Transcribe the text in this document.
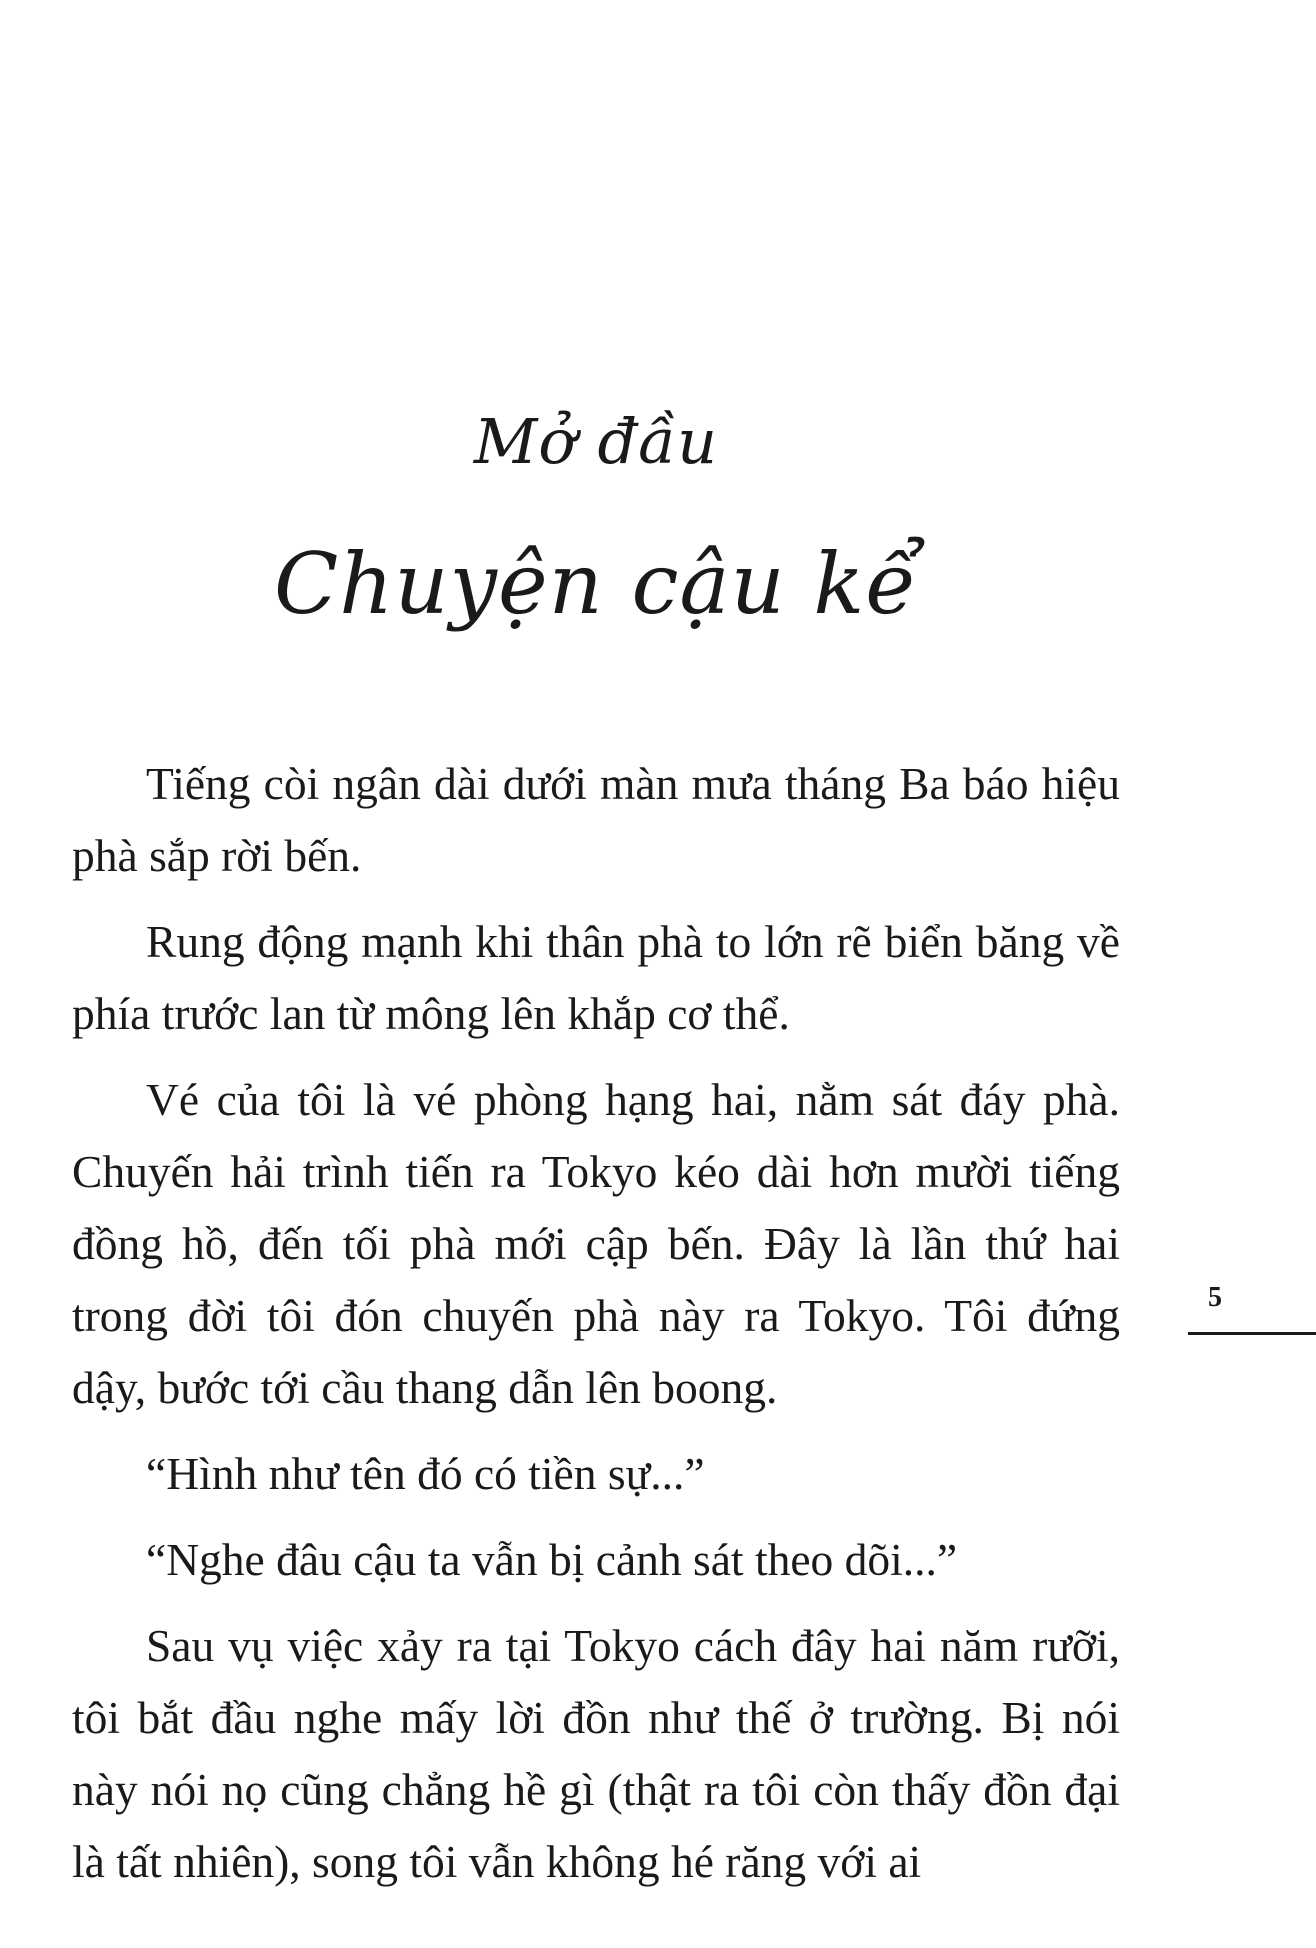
Mở đầu
Chuyện cậu kể

Tiếng còi ngân dài dưới màn mưa tháng Ba báo hiệu phà sắp rời bến.

Rung động mạnh khi thân phà to lớn rẽ biển băng về phía trước lan từ mông lên khắp cơ thể.

Vé của tôi là vé phòng hạng hai, nằm sát đáy phà. Chuyến hải trình tiến ra Tokyo kéo dài hơn mười tiếng đồng hồ, đến tối phà mới cập bến. Đây là lần thứ hai trong đời tôi đón chuyến phà này ra Tokyo. Tôi đứng dậy, bước tới cầu thang dẫn lên boong.

“Hình như tên đó có tiền sự...”

“Nghe đâu cậu ta vẫn bị cảnh sát theo dõi...”

Sau vụ việc xảy ra tại Tokyo cách đây hai năm rưỡi, tôi bắt đầu nghe mấy lời đồn như thế ở trường. Bị nói này nói nọ cũng chẳng hề gì (thật ra tôi còn thấy đồn đại là tất nhiên), song tôi vẫn không hé răng với ai

5
